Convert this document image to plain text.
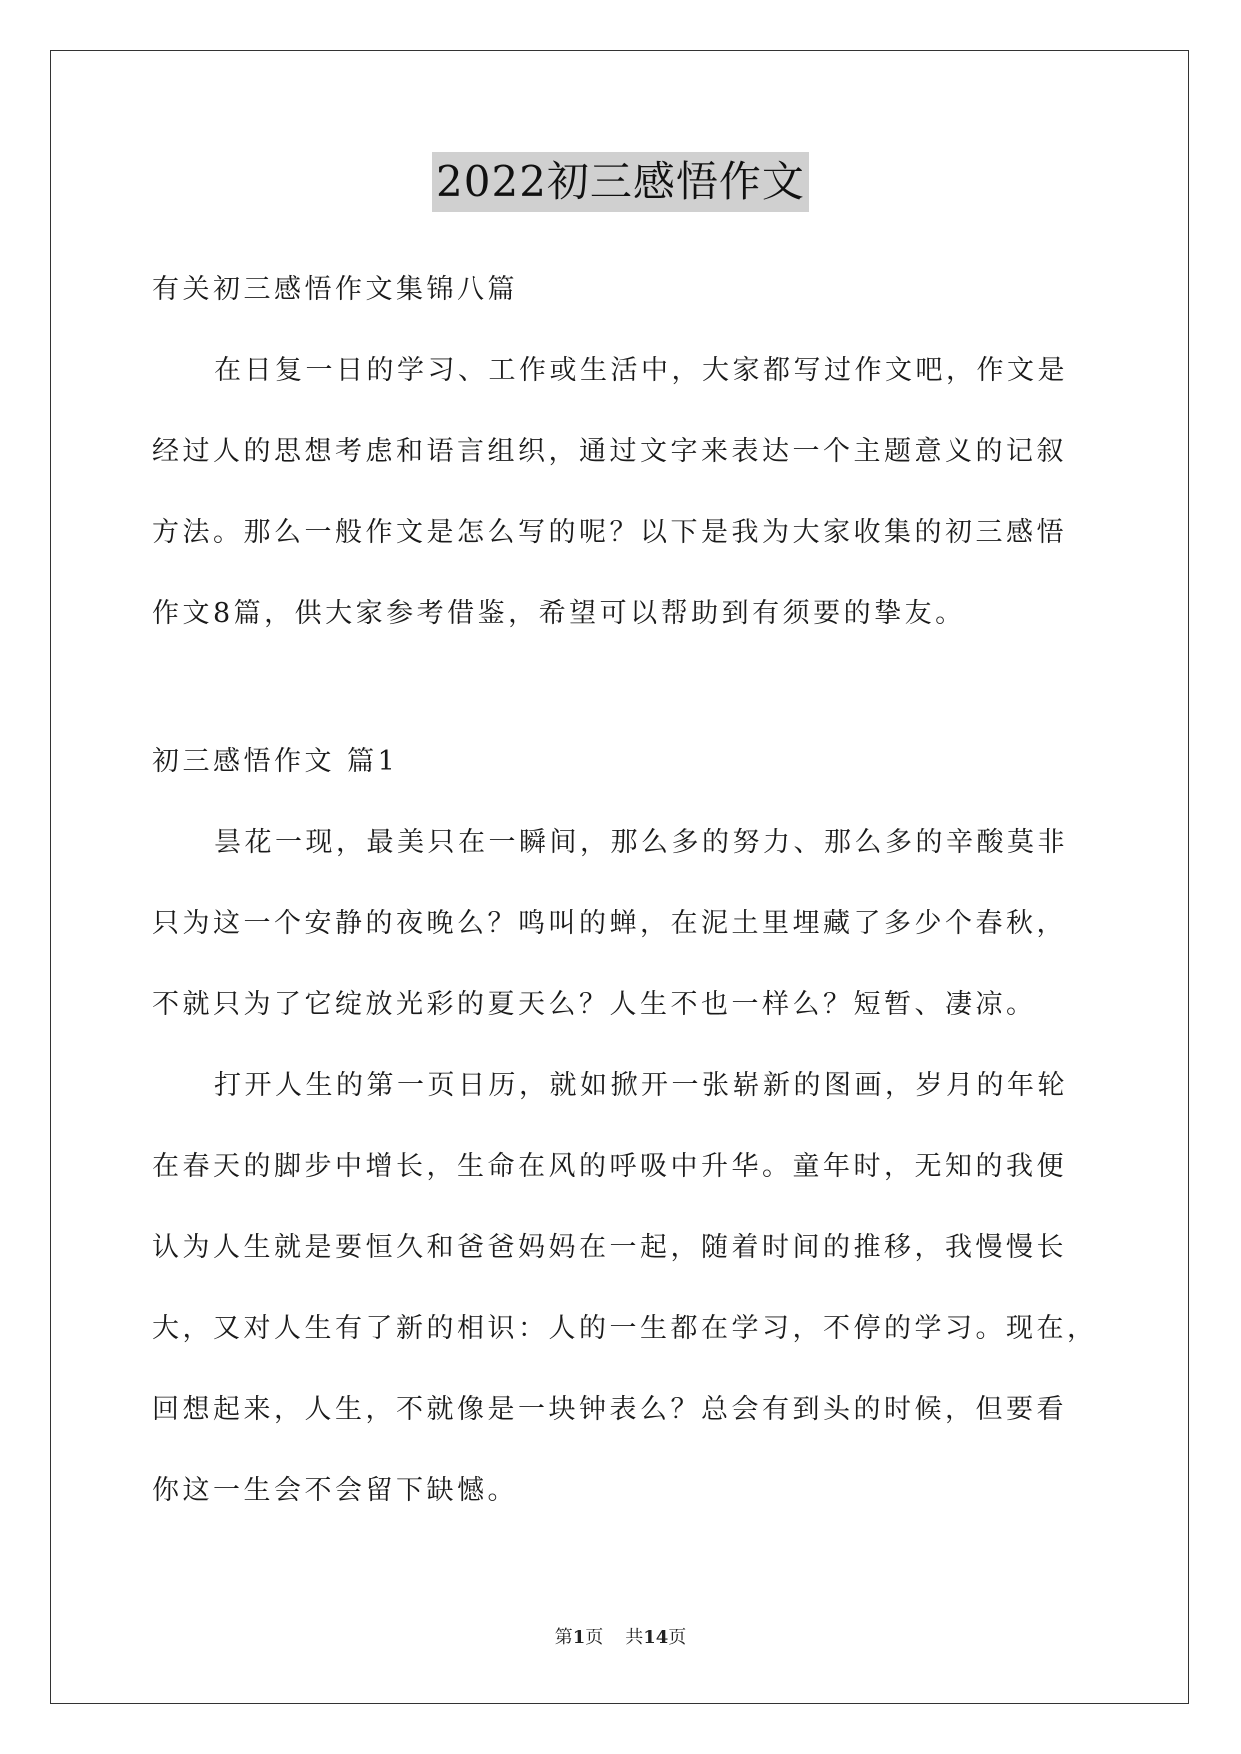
2022初三感悟作文
有关初三感悟作文集锦八篇
在日复一日的学习、工作或生活中，大家都写过作文吧，作文是
经过人的思想考虑和语言组织，通过文字来表达一个主题意义的记叙
方法。那么一般作文是怎么写的呢？以下是我为大家收集的初三感悟
作文8篇，供大家参考借鉴，希望可以帮助到有须要的挚友。
初三感悟作文 篇1
昙花一现，最美只在一瞬间，那么多的努力、那么多的辛酸莫非
只为这一个安静的夜晚么？鸣叫的蝉，在泥土里埋藏了多少个春秋，
不就只为了它绽放光彩的夏天么？人生不也一样么？短暂、凄凉。
打开人生的第一页日历，就如掀开一张崭新的图画，岁月的年轮
在春天的脚步中增长，生命在风的呼吸中升华。童年时，无知的我便
认为人生就是要恒久和爸爸妈妈在一起，随着时间的推移，我慢慢长
大，又对人生有了新的相识：人的一生都在学习，不停的学习。现在，
回想起来，人生，不就像是一块钟表么？总会有到头的时候，但要看
你这一生会不会留下缺憾。
第1页 共14页
